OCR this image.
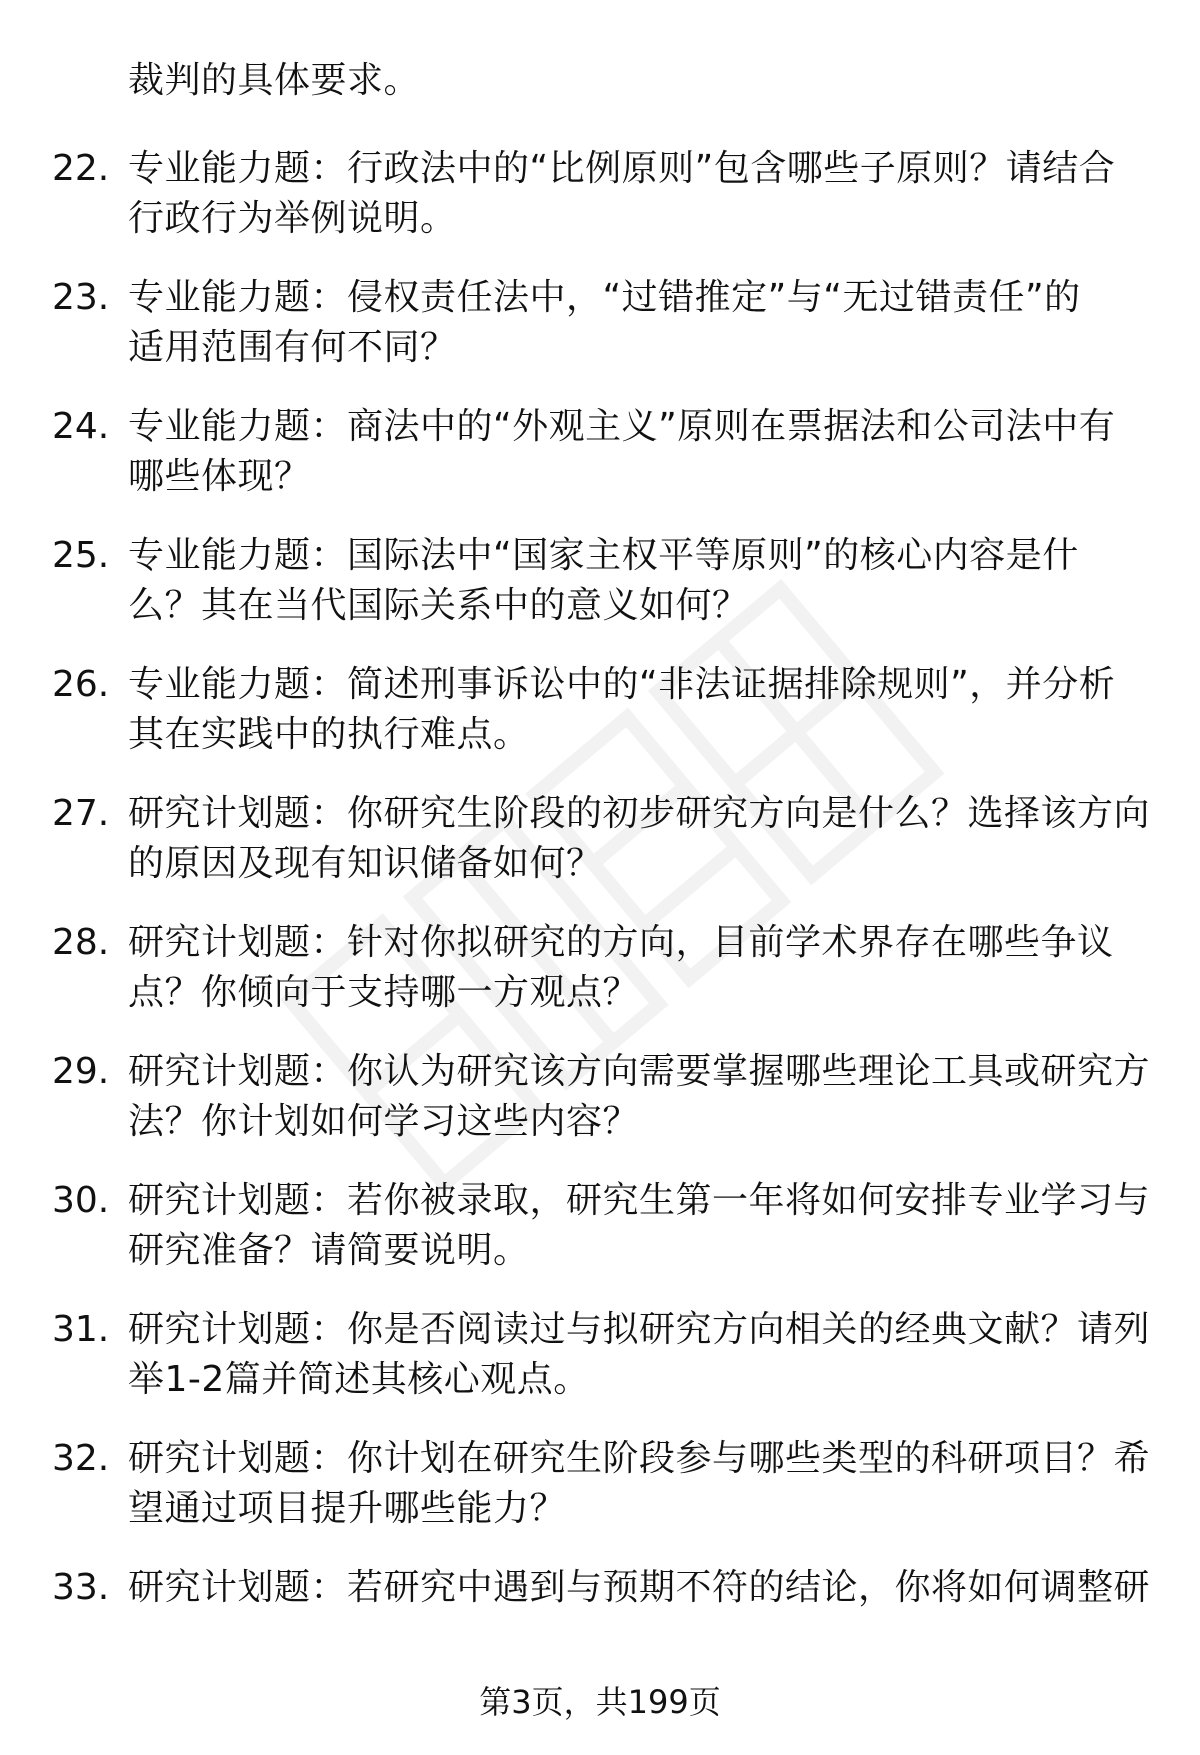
裁判的具体要求。
22. 专业能力题：行政法中的“比例原则”包含哪些子原则？请结合
行政行为举例说明。
23. 专业能力题：侵权责任法中，“过错推定”与“无过错责任”的
适用范围有何不同？
24. 专业能力题：商法中的“外观主义”原则在票据法和公司法中有
哪些体现？
25. 专业能力题：国际法中“国家主权平等原则”的核心内容是什
么？其在当代国际关系中的意义如何？
26. 专业能力题：简述刑事诉讼中的“非法证据排除规则”，并分析
其在实践中的执行难点。
27. 研究计划题：你研究生阶段的初步研究方向是什么？选择该方向
的原因及现有知识储备如何？
28. 研究计划题：针对你拟研究的方向，目前学术界存在哪些争议
点？你倾向于支持哪一方观点？
29. 研究计划题：你认为研究该方向需要掌握哪些理论工具或研究方
法？你计划如何学习这些内容？
30. 研究计划题：若你被录取，研究生第一年将如何安排专业学习与
研究准备？请简要说明。
31. 研究计划题：你是否阅读过与拟研究方向相关的经典文献？请列
举1-2篇并简述其核心观点。
32. 研究计划题：你计划在研究生阶段参与哪些类型的科研项目？希
望通过项目提升哪些能力？
33. 研究计划题：若研究中遇到与预期不符的结论，你将如何调整研
第3页，共199页
